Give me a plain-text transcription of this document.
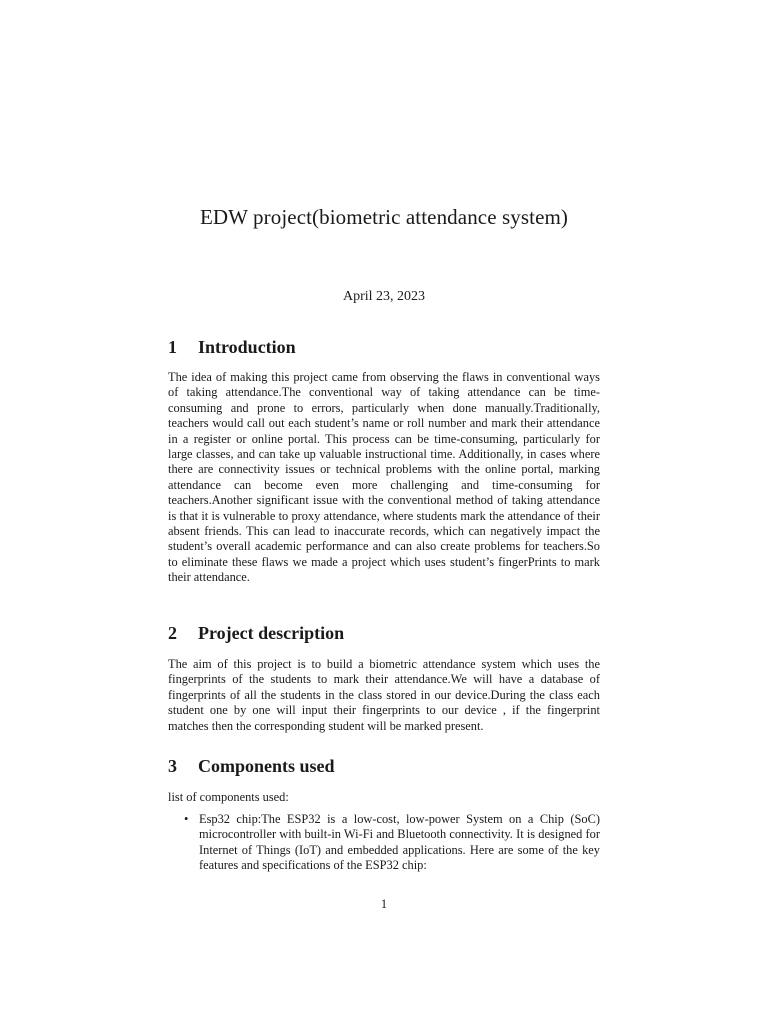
EDW project(biometric attendance system)
April 23, 2023
1 Introduction
The idea of making this project came from observing the flaws in conventional ways of taking attendance.The conventional way of taking attendance can be time-consuming and prone to errors, particularly when done manually.Traditionally, teachers would call out each student’s name or roll number and mark their attendance in a register or online portal. This process can be time-consuming, particularly for large classes, and can take up valuable instructional time. Additionally, in cases where there are connectivity issues or technical problems with the online portal, marking attendance can become even more challenging and time-consuming for teachers.Another significant issue with the conventional method of taking attendance is that it is vulnerable to proxy attendance, where students mark the attendance of their absent friends. This can lead to inaccurate records, which can negatively impact the student’s overall academic performance and can also create problems for teachers.So to eliminate these flaws we made a project which uses student’s fingerPrints to mark their attendance.
2 Project description
The aim of this project is to build a biometric attendance system which uses the fingerprints of the students to mark their attendance.We will have a database of fingerprints of all the students in the class stored in our device.During the class each student one by one will input their fingerprints to our device , if the fingerprint matches then the corresponding student will be marked present.
3 Components used
list of components used:
• Esp32 chip:The ESP32 is a low-cost, low-power System on a Chip (SoC) microcontroller with built-in Wi-Fi and Bluetooth connectivity. It is designed for Internet of Things (IoT) and embedded applications. Here are some of the key features and specifications of the ESP32 chip:
1
